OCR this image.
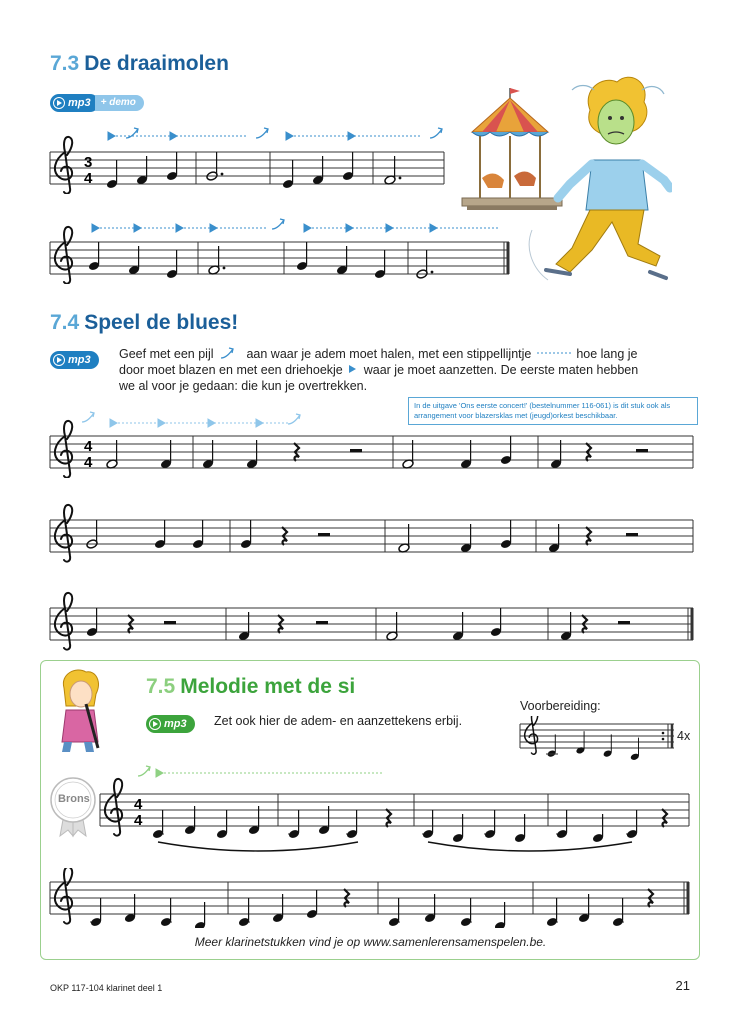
7.3 De draaimolen
mp3	+ demo
3
4
7.4 Speel de blues!
mp3 Geef met een pijl	aan waar je adem moet halen, met een stippellijntje	hoe lang je door moet blazen en met een driehoekje waar je moet aanzetten. De eerste maten hebben we al voor je gedaan: die kun je overtrekken.
In de uitgave 'Ons eerste concert!' (bestelnummer 116-061) is dit stuk ook als arrangement voor blazersklas met (jeugd)orkest beschikbaar.
4
4
7.5 Melodie met de si
mp3 Zet ook hier de adem- en aanzettekens erbij.
Voorbereiding:
4x
Brons	4
4
Meer klarinetstukken vind je op www.samenlerensamenspelen.be.
OKP 117-104 klarinet deel 1	21
